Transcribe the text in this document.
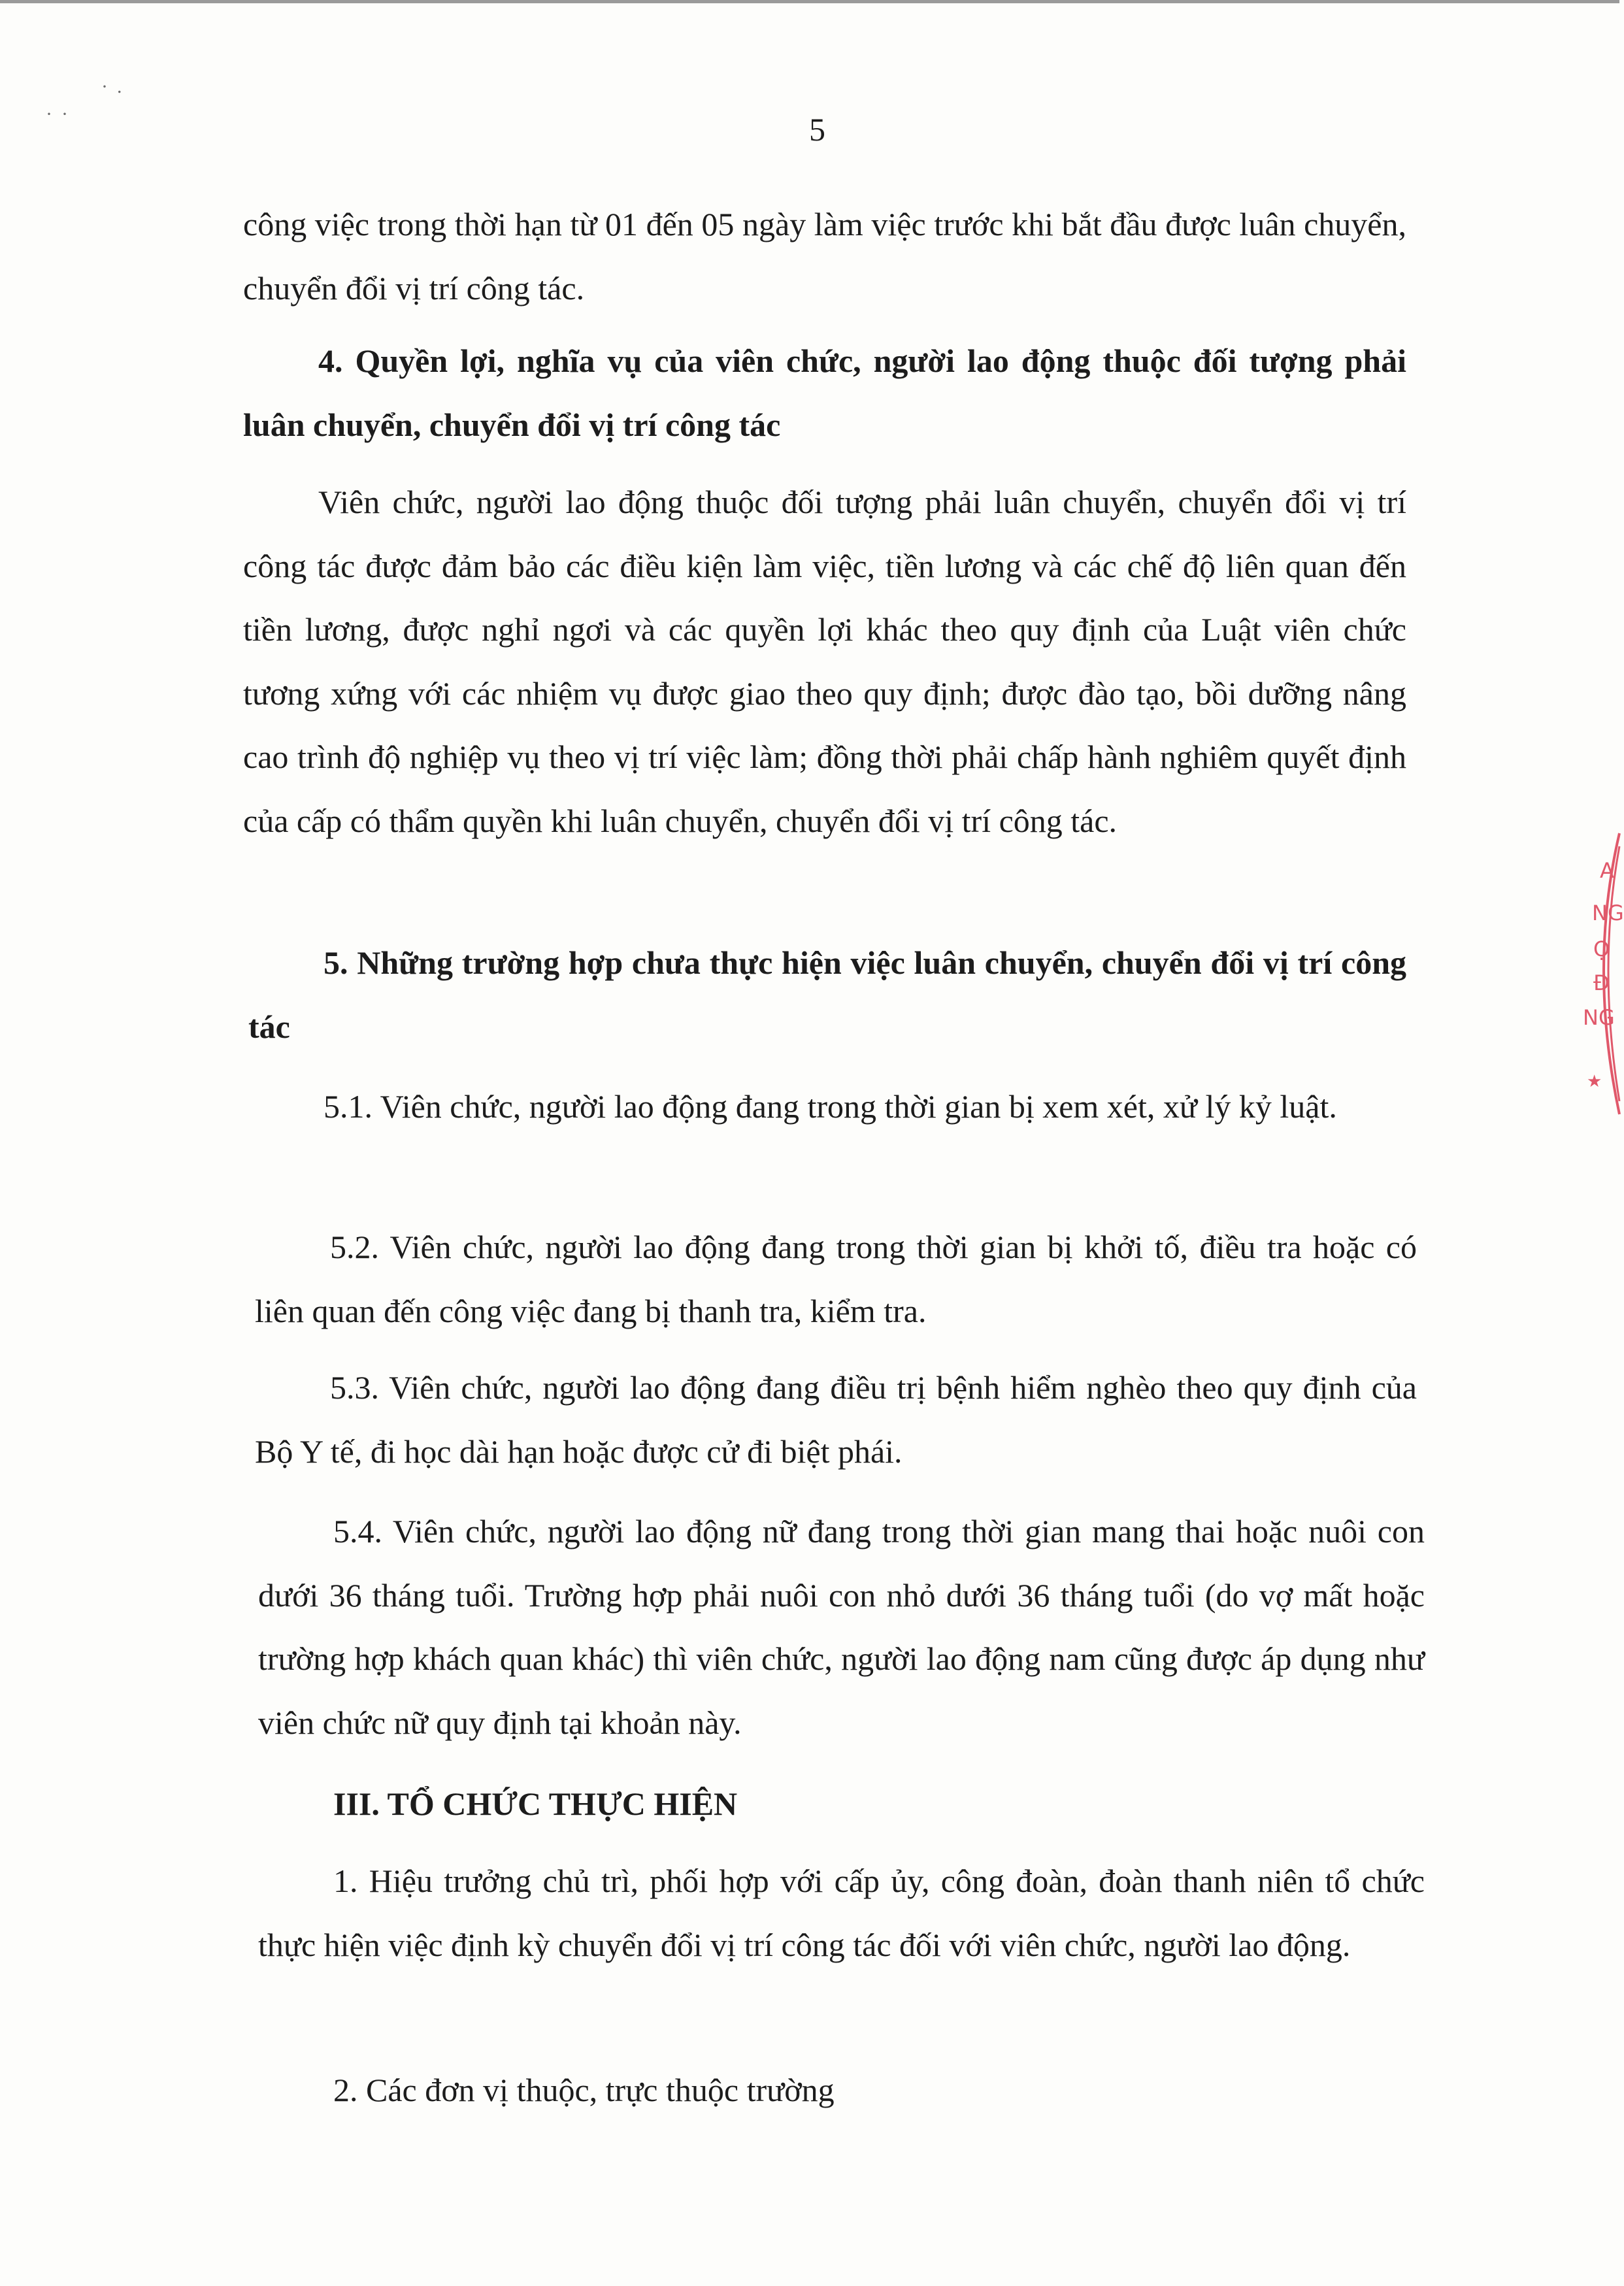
··
·.
5

công việc trong thời hạn từ 01 đến 05 ngày làm việc trước khi bắt đầu được luân chuyển, chuyển đổi vị trí công tác.

4. Quyền lợi, nghĩa vụ của viên chức, người lao động thuộc đối tượng phải luân chuyển, chuyển đổi vị trí công tác

Viên chức, người lao động thuộc đối tượng phải luân chuyển, chuyển đổi vị trí công tác được đảm bảo các điều kiện làm việc, tiền lương và các chế độ liên quan đến tiền lương, được nghỉ ngơi và các quyền lợi khác theo quy định của Luật viên chức tương xứng với các nhiệm vụ được giao theo quy định; được đào tạo, bồi dưỡng nâng cao trình độ nghiệp vụ theo vị trí việc làm; đồng thời phải chấp hành nghiêm quyết định của cấp có thẩm quyền khi luân chuyển, chuyển đổi vị trí công tác.

5. Những trường hợp chưa thực hiện việc luân chuyển, chuyển đổi vị trí công tác

5.1. Viên chức, người lao động đang trong thời gian bị xem xét, xử lý kỷ luật.

5.2. Viên chức, người lao động đang trong thời gian bị khởi tố, điều tra hoặc có liên quan đến công việc đang bị thanh tra, kiểm tra.

5.3. Viên chức, người lao động đang điều trị bệnh hiểm nghèo theo quy định của Bộ Y tế, đi học dài hạn hoặc được cử đi biệt phái.

5.4. Viên chức, người lao động nữ đang trong thời gian mang thai hoặc nuôi con dưới 36 tháng tuổi. Trường hợp phải nuôi con nhỏ dưới 36 tháng tuổi (do vợ mất hoặc trường hợp khách quan khác) thì viên chức, người lao động nam cũng được áp dụng như viên chức nữ quy định tại khoản này.

III. TỔ CHỨC THỰC HIỆN

1. Hiệu trưởng chủ trì, phối hợp với cấp ủy, công đoàn, đoàn thanh niên tổ chức thực hiện việc định kỳ chuyển đổi vị trí công tác đối với viên chức, người lao động.

2. Các đơn vị thuộc, trực thuộc trường

A
NG
Ọ
Đ
NG
★
